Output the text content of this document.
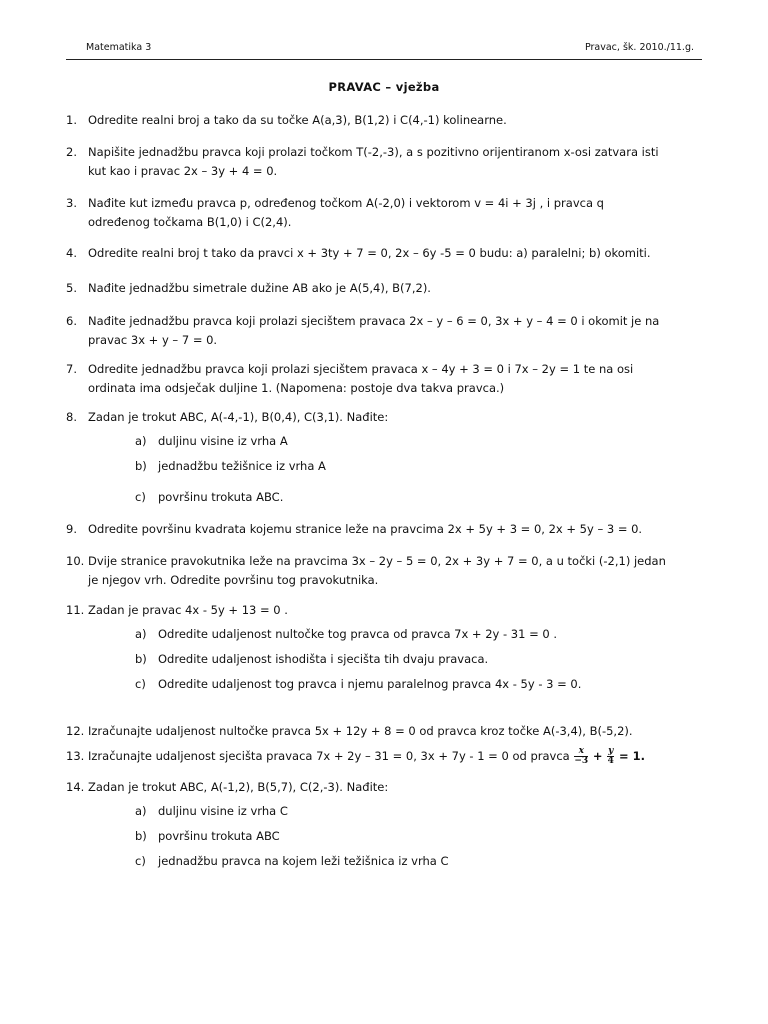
Matematika 3	Pravac, šk. 2010./11.g.
PRAVAC – vježba
1. Odredite realni broj a tako da su točke A(a,3), B(1,2) i C(4,-1) kolinearne.
2. Napišite jednadžbu pravca koji prolazi točkom T(-2,-3), a s pozitivno orijentiranom x-osi zatvara isti
kut kao i pravac 2x – 3y + 4 = 0.
3. Nađite kut između pravca p, određenog točkom A(-2,0) i vektorom v = 4i + 3j , i pravca q
određenog točkama B(1,0) i C(2,4).
4. Odredite realni broj t tako da pravci x + 3ty + 7 = 0, 2x – 6y -5 = 0 budu: a) paralelni; b) okomiti.
5. Nađite jednadžbu simetrale dužine AB ako je A(5,4), B(7,2).
6. Nađite jednadžbu pravca koji prolazi sjecištem pravaca 2x – y – 6 = 0, 3x + y – 4 = 0 i okomit je na
pravac 3x + y – 7 = 0.
7. Odredite jednadžbu pravca koji prolazi sjecištem pravaca x – 4y + 3 = 0 i 7x – 2y = 1 te na osi
ordinata ima odsječak duljine 1. (Napomena: postoje dva takva pravca.)
8. Zadan je trokut ABC, A(-4,-1), B(0,4), C(3,1). Nađite:
a) duljinu visine iz vrha A
b) jednadžbu težišnice iz vrha A
c) površinu trokuta ABC.
9. Odredite površinu kvadrata kojemu stranice leže na pravcima 2x + 5y + 3 = 0, 2x + 5y – 3 = 0.
10. Dvije stranice pravokutnika leže na pravcima 3x – 2y – 5 = 0, 2x + 3y + 7 = 0, a u točki (-2,1) jedan
je njegov vrh. Odredite površinu tog pravokutnika.
11. Zadan je pravac 4x - 5y + 13 = 0 .
a) Odredite udaljenost nultočke tog pravca od pravca 7x + 2y - 31 = 0 .
b) Odredite udaljenost ishodišta i sjecišta tih dvaju pravaca.
c) Odredite udaljenost tog pravca i njemu paralelnog pravca 4x - 5y - 3 = 0.
12. Izračunajte udaljenost nultočke pravca 5x + 12y + 8 = 0 od pravca kroz točke A(-3,4), B(-5,2).
13. Izračunajte udaljenost sjecišta pravaca 7x + 2y – 31 = 0, 3x + 7y - 1 = 0 od pravca $\frac{x}{-3} + \frac{y}{4} = 1$.
14. Zadan je trokut ABC, A(-1,2), B(5,7), C(2,-3). Nađite:
a) duljinu visine iz vrha C
b) površinu trokuta ABC
c) jednadžbu pravca na kojem leži težišnica iz vrha C
